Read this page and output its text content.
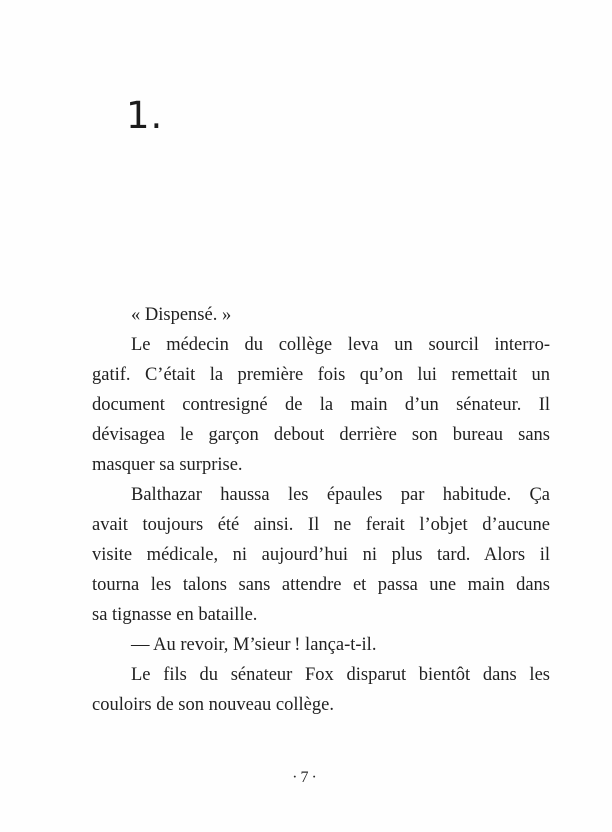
1.

« Dispensé. »

Le médecin du collège leva un sourcil interro-
gatif. C’était la première fois qu’on lui remettait un
document contresigné de la main d’un sénateur. Il
dévisagea le garçon debout derrière son bureau sans
masquer sa surprise.

Balthazar haussa les épaules par habitude. Ça
avait toujours été ainsi. Il ne ferait l’objet d’aucune
visite médicale, ni aujourd’hui ni plus tard. Alors il
tourna les talons sans attendre et passa une main dans
sa tignasse en bataille.

— Au revoir, M’sieur ! lança-t-il.

Le fils du sénateur Fox disparut bientôt dans les
couloirs de son nouveau collège.

·7·
